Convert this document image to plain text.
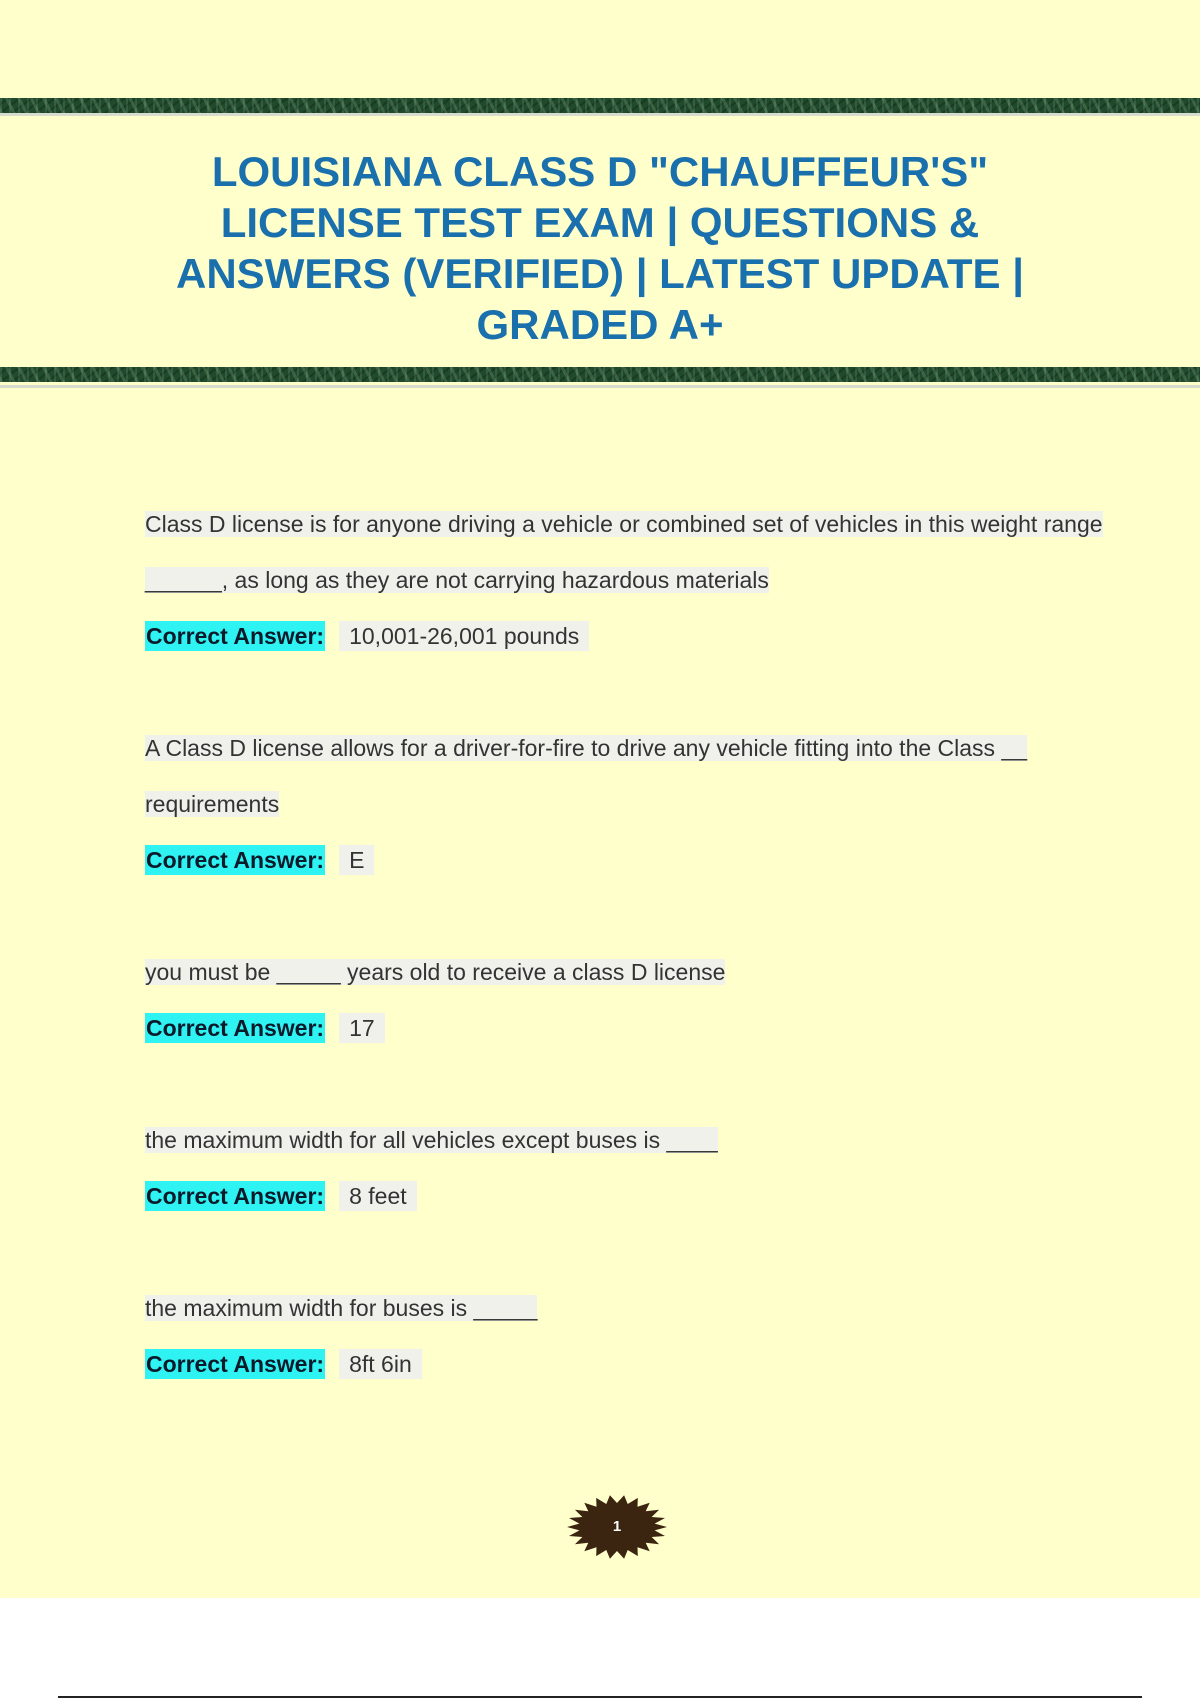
LOUISIANA CLASS D "CHAUFFEUR'S" LICENSE TEST EXAM | QUESTIONS & ANSWERS (VERIFIED) | LATEST UPDATE | GRADED A+

Class D license is for anyone driving a vehicle or combined set of vehicles in this weight range ______, as long as they are not carrying hazardous materials

Correct Answer:	10,001-26,001 pounds

A Class D license allows for a driver-for-fire to drive any vehicle fitting into the Class __ requirements

Correct Answer:	E

you must be _____ years old to receive a class D license

Correct Answer:	17

the maximum width for all vehicles except buses is ____

Correct Answer:	8 feet

the maximum width for buses is _____

Correct Answer:	8ft 6in
1
